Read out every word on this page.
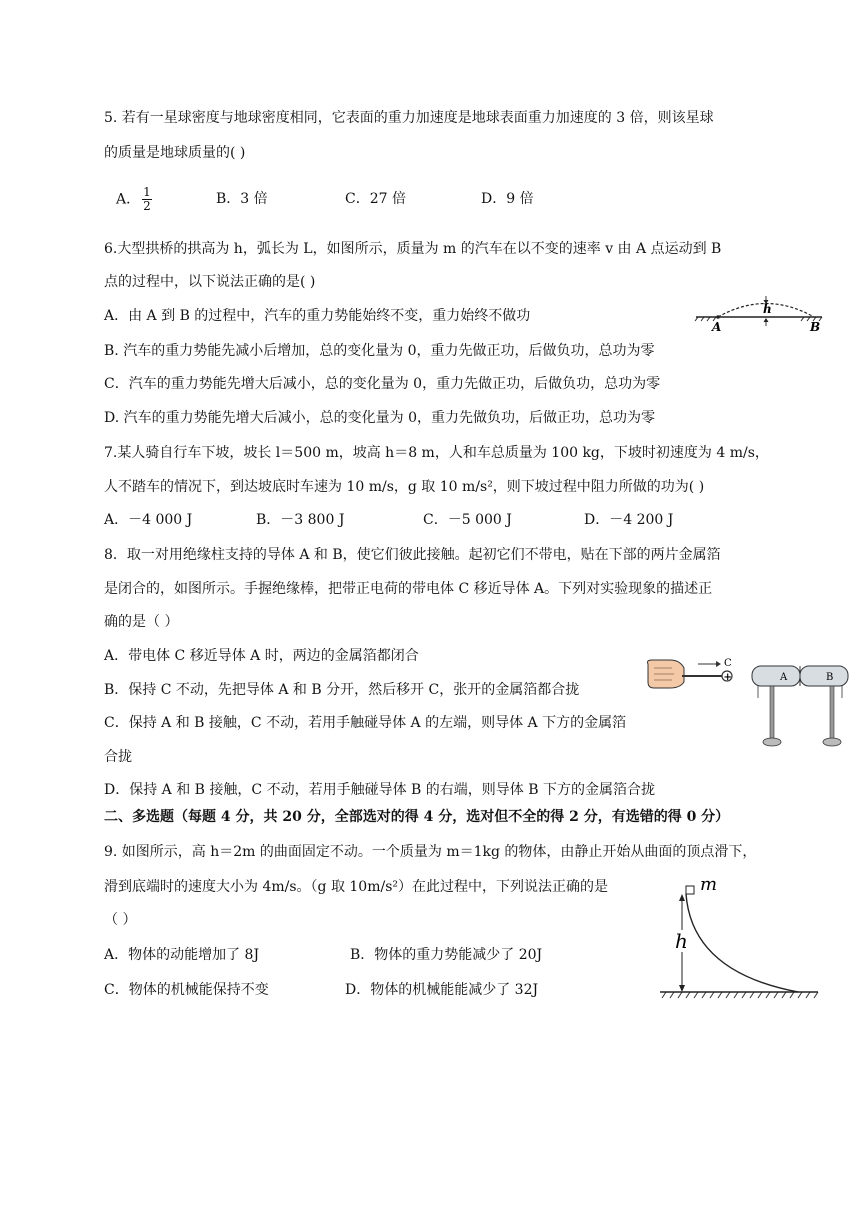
5. 若有一星球密度与地球密度相同，它表面的重力加速度是地球表面重力加速度的 3 倍，则该星球
的质量是地球质量的( )
A． $\frac{1}{2}$	B．3 倍	C．27 倍	D．9 倍
6.大型拱桥的拱高为 h，弧长为 L，如图所示，质量为 m 的汽车在以不变的速率 v 由 A 点运动到 B
点的过程中，以下说法正确的是( )
A．由 A 到 B 的过程中，汽车的重力势能始终不变，重力始终不做功
B. 汽车的重力势能先减小后增加，总的变化量为 0，重力先做正功，后做负功，总功为零
C．汽车的重力势能先增大后减小，总的变化量为 0，重力先做正功，后做负功，总功为零
D. 汽车的重力势能先增大后减小，总的变化量为 0，重力先做负功，后做正功，总功为零
h
A	B
7.某人骑自行车下坡，坡长 l＝500 m，坡高 h＝8 m，人和车总质量为 100 kg，下坡时初速度为 4 m/s，
人不踏车的情况下，到达坡底时车速为 10 m/s，g 取 10 m/s²，则下坡过程中阻力所做的功为( )
A．－4 000 J	B．－3 800 J	C．－5 000 J	D．－4 200 J
8．取一对用绝缘柱支持的导体 A 和 B，使它们彼此接触。起初它们不带电，贴在下部的两片金属箔
是闭合的，如图所示。手握绝缘棒，把带正电荷的带电体 C 移近导体 A。下列对实验现象的描述正
确的是（ ）
A．带电体 C 移近导体 A 时，两边的金属箔都闭合
B．保持 C 不动，先把导体 A 和 B 分开，然后移开 C，张开的金属箔都合拢
C．保持 A 和 B 接触，C 不动，若用手触碰导体 A 的左端，则导体 A 下方的金属箔
合拢
D．保持 A 和 B 接触，C 不动，若用手触碰导体 B 的右端，则导体 B 下方的金属箔合拢
+
C
A	B
二、多选题（每题 4 分，共 20 分，全部选对的得 4 分，选对但不全的得 2 分，有选错的得 0 分）
9. 如图所示，高 h＝2m 的曲面固定不动。一个质量为 m＝1kg 的物体，由静止开始从曲面的顶点滑下，
滑到底端时的速度大小为 4m/s。（g 取 10m/s²）在此过程中，下列说法正确的是
（ ）
A．物体的动能增加了 8J	B．物体的重力势能减少了 20J
C．物体的机械能保持不变	D．物体的机械能能减少了 32J
m
h
